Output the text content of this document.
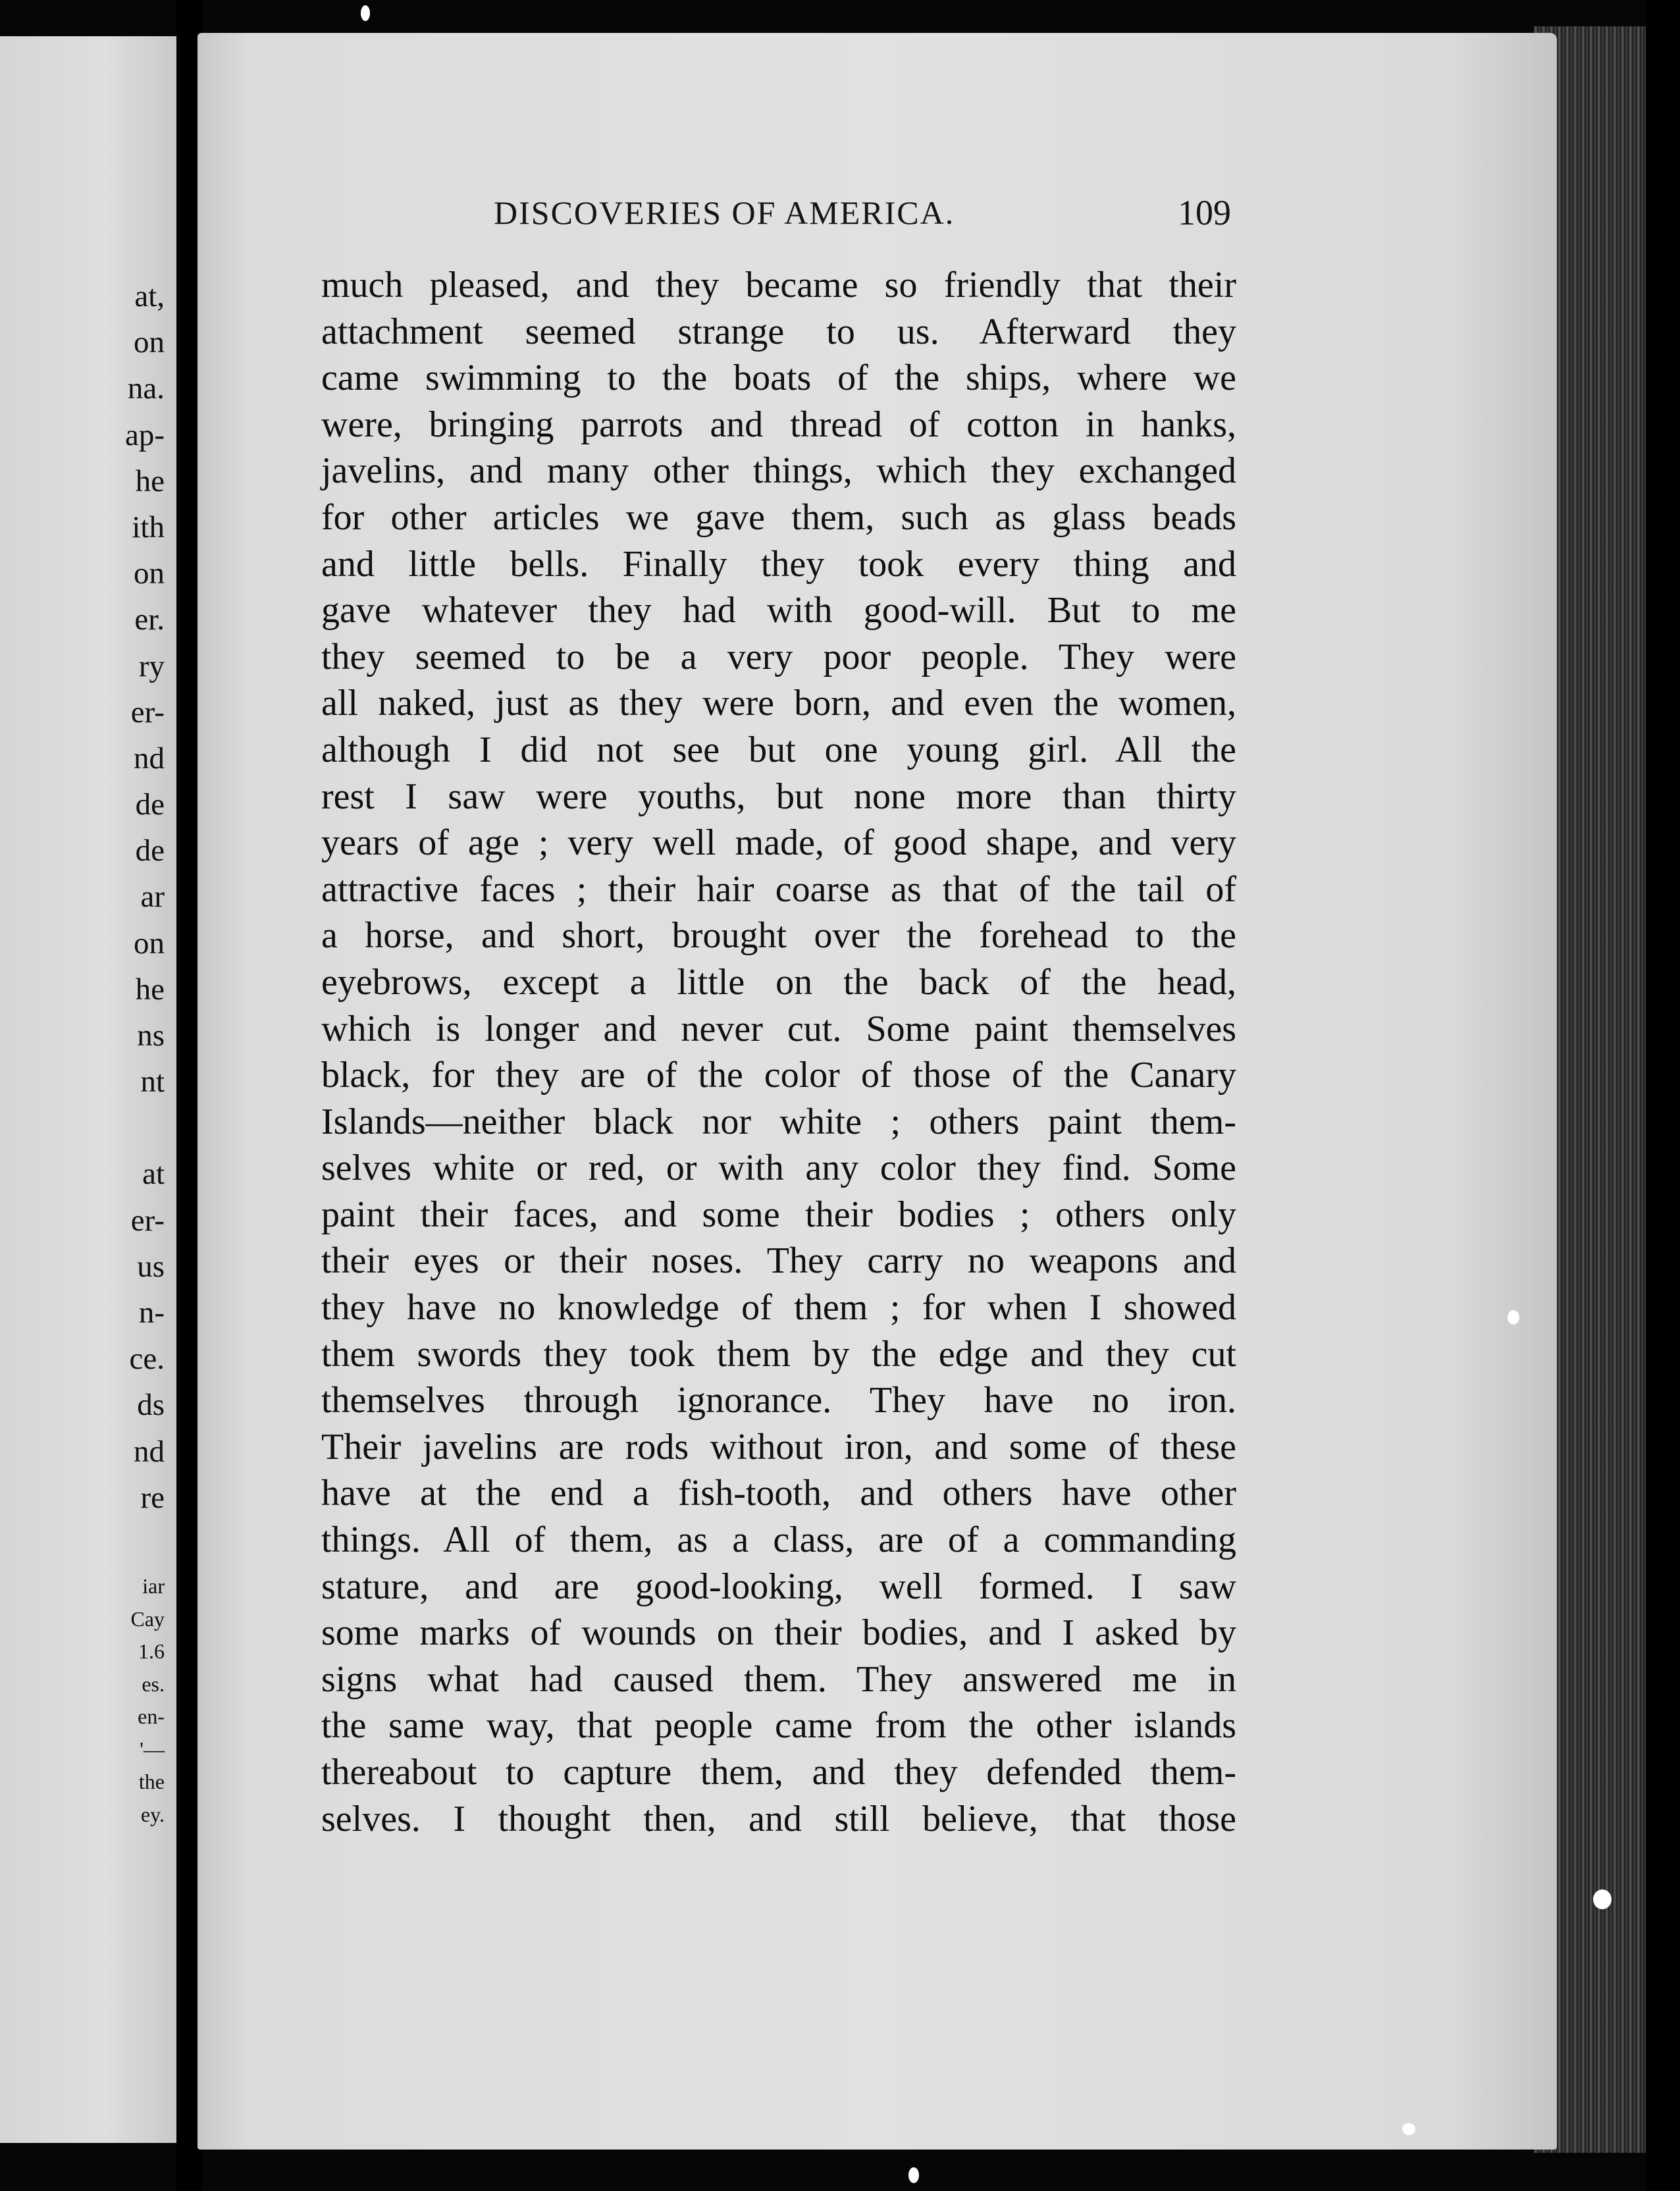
at,
on
na.
ap-
he
ith
on
er.
ry
er-
nd
de
de
ar
on
he
ns
nt
at
er-
us
n-
ce.
ds
nd
re
iar
Cay
1.6
es.
en-
'—
the
ey.
DISCOVERIES OF AMERICA.	109
much pleased, and they became so friendly that their
attachment seemed strange to us. Afterward they
came swimming to the boats of the ships, where we
were, bringing parrots and thread of cotton in hanks,
javelins, and many other things, which they exchanged
for other articles we gave them, such as glass beads
and little bells. Finally they took every thing and
gave whatever they had with good-will. But to me
they seemed to be a very poor people. They were
all naked, just as they were born, and even the women,
although I did not see but one young girl. All the
rest I saw were youths, but none more than thirty
years of age ; very well made, of good shape, and very
attractive faces ; their hair coarse as that of the tail of
a horse, and short, brought over the forehead to the
eyebrows, except a little on the back of the head,
which is longer and never cut. Some paint themselves
black, for they are of the color of those of the Canary
Islands—neither black nor white ; others paint them-
selves white or red, or with any color they find. Some
paint their faces, and some their bodies ; others only
their eyes or their noses. They carry no weapons and
they have no knowledge of them ; for when I showed
them swords they took them by the edge and they cut
themselves through ignorance. They have no iron.
Their javelins are rods without iron, and some of these
have at the end a fish-tooth, and others have other
things. All of them, as a class, are of a commanding
stature, and are good-looking, well formed. I saw
some marks of wounds on their bodies, and I asked by
signs what had caused them. They answered me in
the same way, that people came from the other islands
thereabout to capture them, and they defended them-
selves. I thought then, and still believe, that those
